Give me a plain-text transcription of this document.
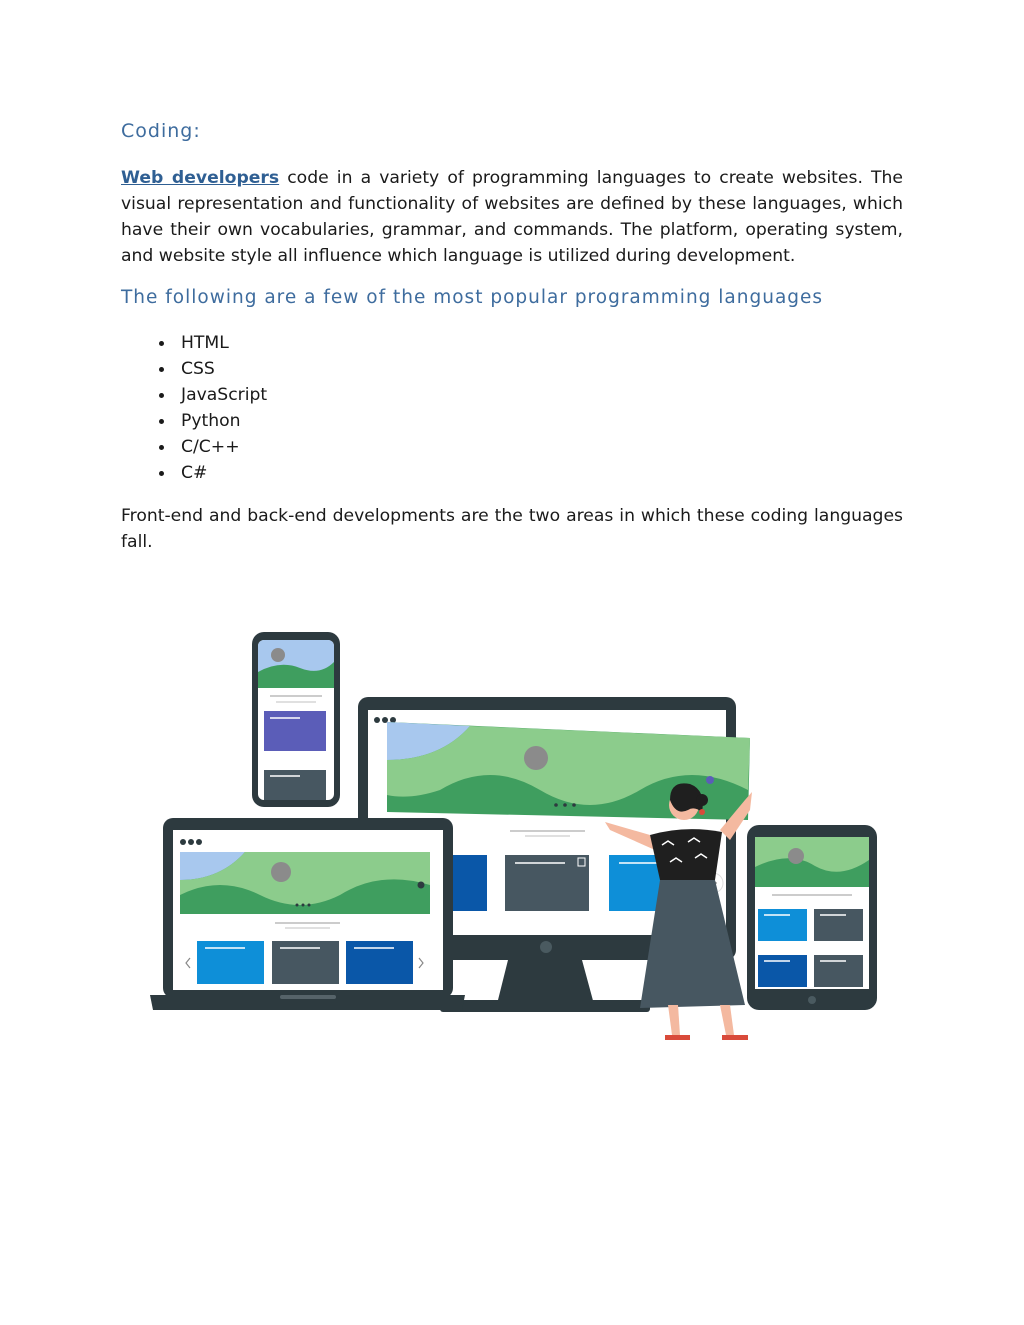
Coding:

Web developers code in a variety of programming languages to create websites. The visual representation and functionality of websites are defined by these languages, which have their own vocabularies, grammar, and commands. The platform, operating system, and website style all influence which language is utilized during development.

The following are a few of the most popular programming languages
HTML
CSS
JavaScript
Python
C/C++
C#

Front-end and back-end developments are the two areas in which these coding languages fall.
